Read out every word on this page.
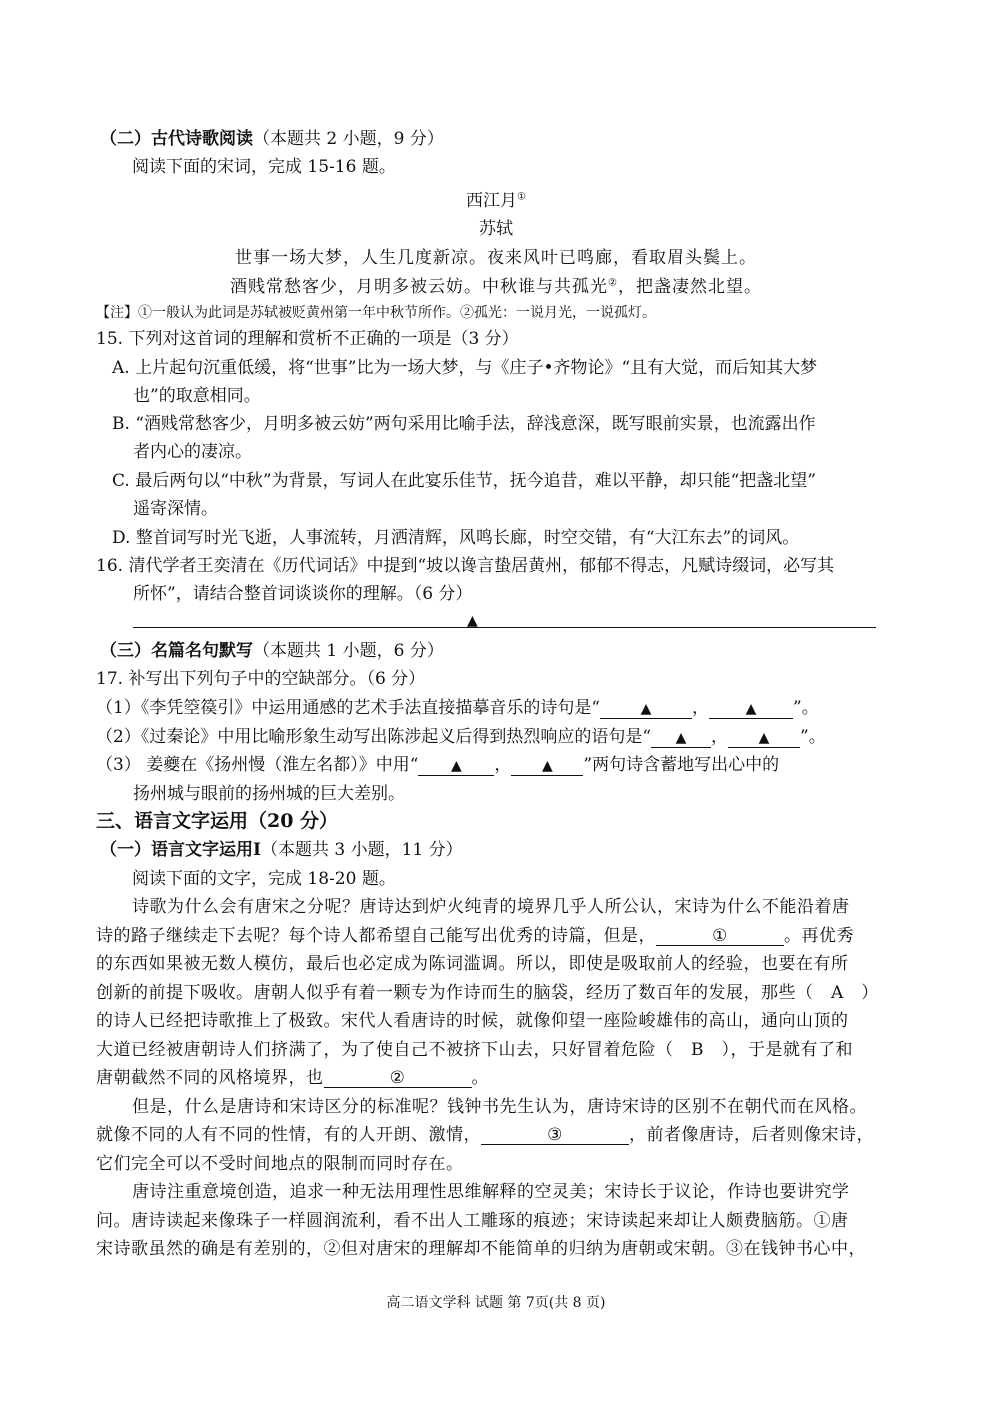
（二）古代诗歌阅读（本题共 2 小题，9 分）
阅读下面的宋词，完成 15-16 题。
西江月①
苏轼
世事一场大梦，人生几度新凉。夜来风叶已鸣廊，看取眉头鬓上。
酒贱常愁客少，月明多被云妨。中秋谁与共孤光②，把盏凄然北望。
【注】①一般认为此词是苏轼被贬黄州第一年中秋节所作。②孤光：一说月光，一说孤灯。
15. 下列对这首词的理解和赏析不正确的一项是（3 分）
A. 上片起句沉重低缓，将“世事”比为一场大梦，与《庄子•齐物论》“且有大觉，而后知其大梦
也”的取意相同。
B. “酒贱常愁客少，月明多被云妨”两句采用比喻手法，辞浅意深，既写眼前实景，也流露出作
者内心的凄凉。
C. 最后两句以“中秋”为背景，写词人在此宴乐佳节，抚今追昔，难以平静，却只能“把盏北望”
遥寄深情。
D. 整首词写时光飞逝，人事流转，月洒清辉，风鸣长廊，时空交错，有“大江东去”的词风。
16. 清代学者王奕清在《历代词话》中提到“坡以谗言蛰居黄州，郁郁不得志，凡赋诗缀词，必写其
所怀”，请结合整首词谈谈你的理解。（6 分）
▲
（三）名篇名句默写（本题共 1 小题，6 分）
17. 补写出下列句子中的空缺部分。（6 分）
（1）《李凭箜篌引》中运用通感的艺术手法直接描摹音乐的诗句是“	▲ ，	▲ ”。
（2）《过秦论》中用比喻形象生动写出陈涉起义后得到热烈响应的语句是“ ▲ ， ▲ ”。
（3） 姜夔在《扬州慢（淮左名都）》中用“ ▲ ， ▲ ”两句诗含蓄地写出心中的
扬州城与眼前的扬州城的巨大差别。
三、语言文字运用（20 分）
（一）语言文字运用Ⅰ（本题共 3 小题，11 分）
阅读下面的文字，完成 18-20 题。
诗歌为什么会有唐宋之分呢？唐诗达到炉火纯青的境界几乎人所公认，宋诗为什么不能沿着唐
诗的路子继续走下去呢？每个诗人都希望自己能写出优秀的诗篇，但是，	①	。再优秀
的东西如果被无数人模仿，最后也必定成为陈词滥调。所以，即使是吸取前人的经验，也要在有所
创新的前提下吸收。唐朝人似乎有着一颗专为作诗而生的脑袋，经历了数百年的发展，那些（　A　）
的诗人已经把诗歌推上了极致。宋代人看唐诗的时候，就像仰望一座险峻雄伟的高山，通向山顶的
大道已经被唐朝诗人们挤满了，为了使自己不被挤下山去，只好冒着危险（　B　），于是就有了和
唐朝截然不同的风格境界，也	②	。
但是，什么是唐诗和宋诗区分的标准呢？钱钟书先生认为，唐诗宋诗的区别不在朝代而在风格。
就像不同的人有不同的性情，有的人开朗、激情，	③	，前者像唐诗，后者则像宋诗，
它们完全可以不受时间地点的限制而同时存在。
唐诗注重意境创造，追求一种无法用理性思维解释的空灵美；宋诗长于议论，作诗也要讲究学
问。唐诗读起来像珠子一样圆润流利，看不出人工雕琢的痕迹；宋诗读起来却让人颇费脑筋。①唐
宋诗歌虽然的确是有差别的，②但对唐宋的理解却不能简单的归纳为唐朝或宋朝。③在钱钟书心中，
高二语文学科 试题 第 7页(共 8 页)
